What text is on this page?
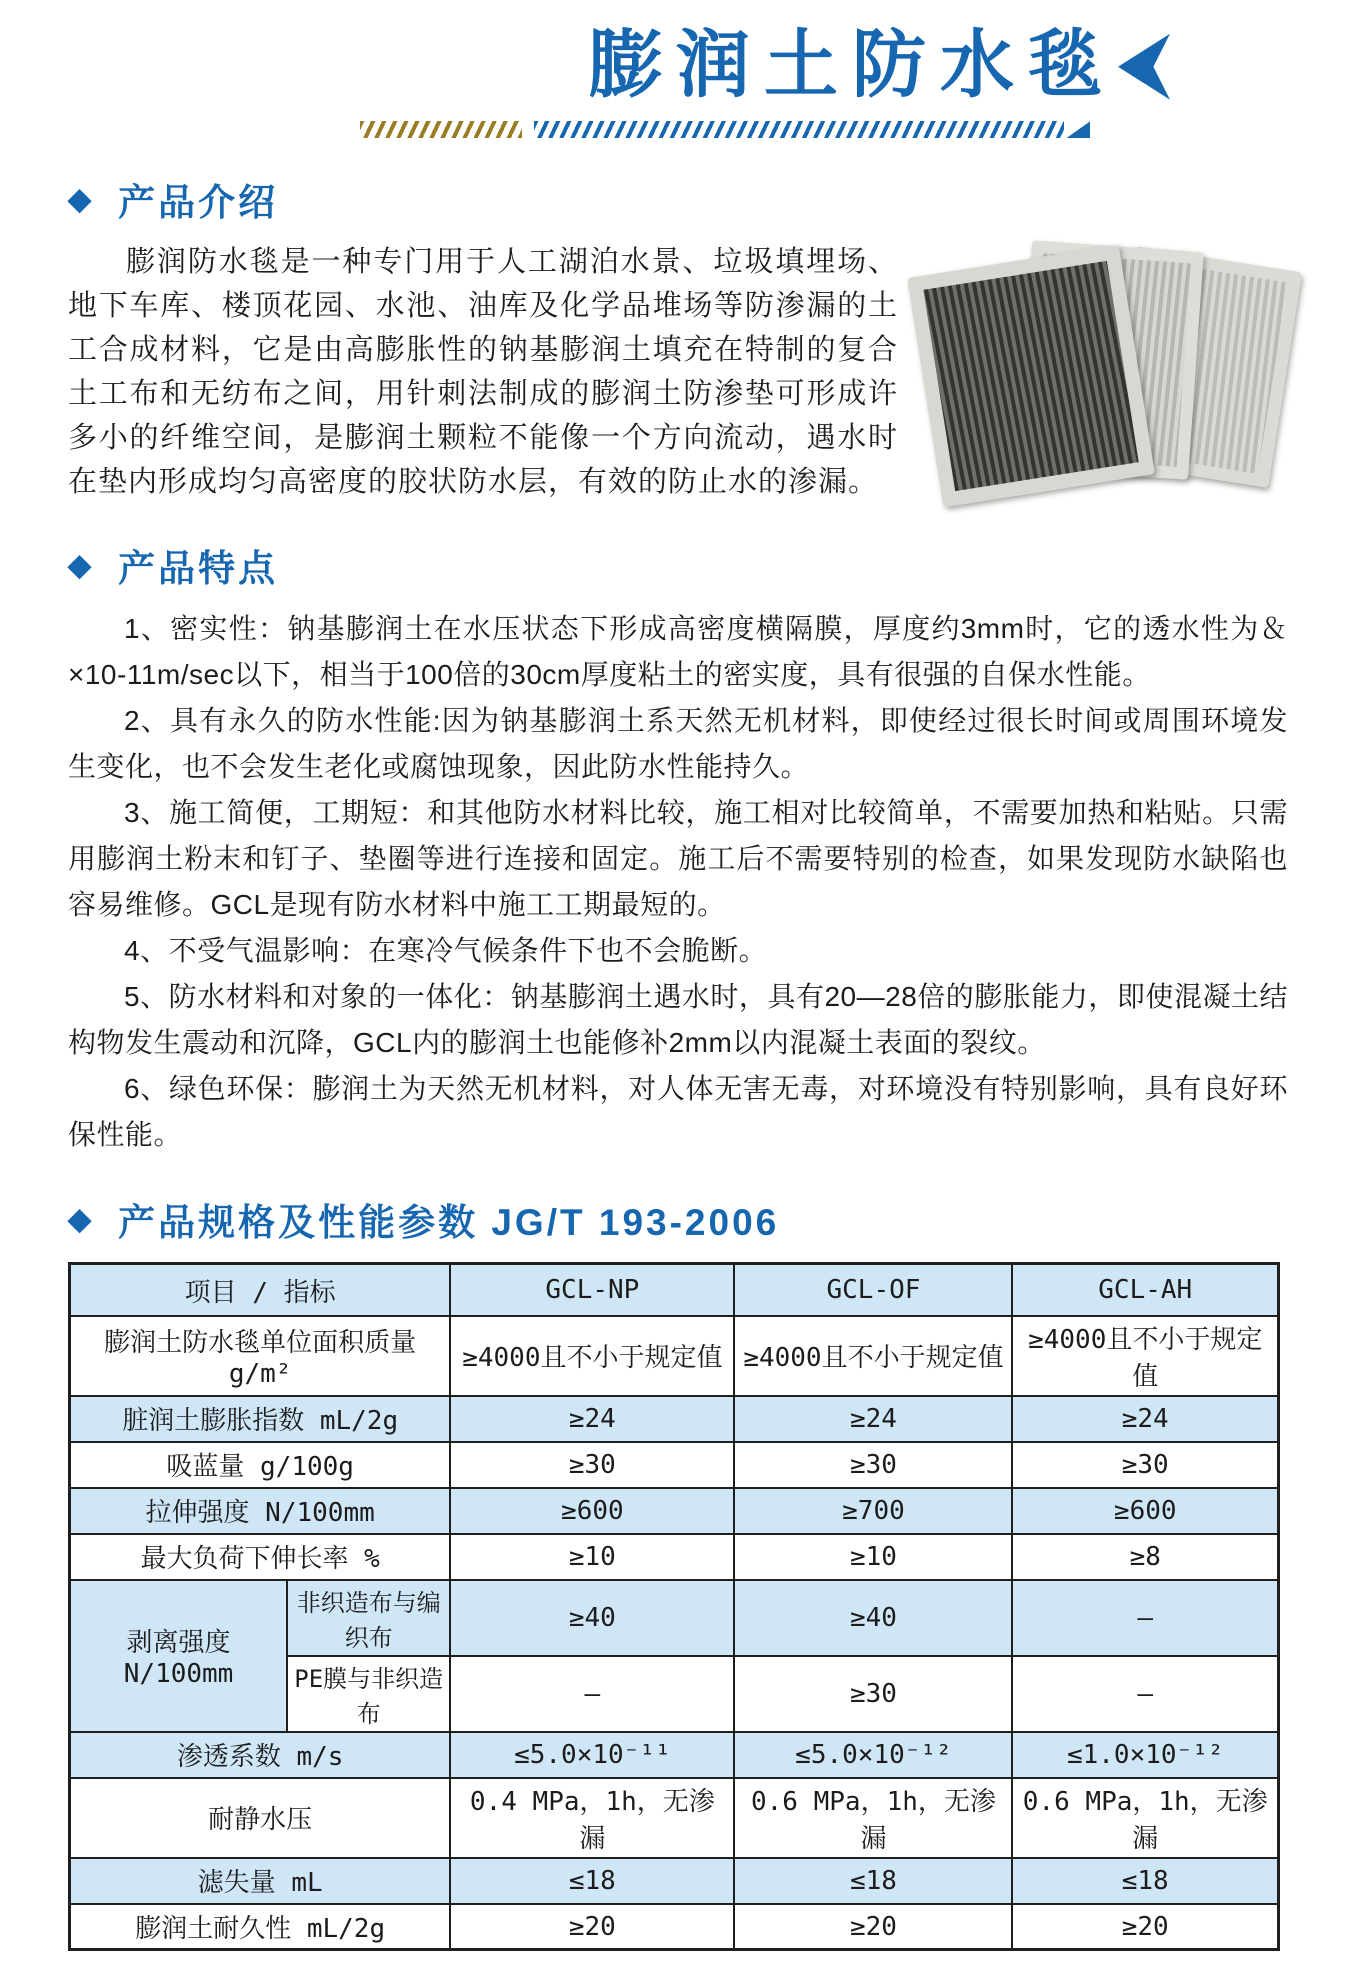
膨润土防水毯
◆ 产品介绍

膨润防水毯是一种专门用于人工湖泊水景、垃圾填埋场、地下车库、楼顶花园、水池、油库及化学品堆场等防渗漏的土工合成材料，它是由高膨胀性的钠基膨润土填充在特制的复合土工布和无纺布之间，用针刺法制成的膨润土防渗垫可形成许多小的纤维空间，是膨润土颗粒不能像一个方向流动，遇水时在垫内形成均匀高密度的胶状防水层，有效的防止水的渗漏。

◆ 产品特点

1、密实性：钠基膨润土在水压状态下形成高密度横隔膜，厚度约3mm时，它的透水性为＆×10-11m/sec以下，相当于100倍的30cm厚度粘土的密实度，具有很强的自保水性能。

2、具有永久的防水性能:因为钠基膨润土系天然无机材料，即使经过很长时间或周围环境发生变化，也不会发生老化或腐蚀现象，因此防水性能持久。

3、施工简便，工期短：和其他防水材料比较，施工相对比较简单，不需要加热和粘贴。只需用膨润土粉末和钉子、垫圈等进行连接和固定。施工后不需要特别的检查，如果发现防水缺陷也容易维修。GCL是现有防水材料中施工工期最短的。

4、不受气温影响：在寒冷气候条件下也不会脆断。

5、防水材料和对象的一体化：钠基膨润土遇水时，具有20—28倍的膨胀能力，即使混凝土结构物发生震动和沉降，GCL内的膨润土也能修补2mm以内混凝土表面的裂纹。

6、绿色环保：膨润土为天然无机材料，对人体无害无毒，对环境没有特别影响，具有良好环保性能。

◆ 产品规格及性能参数 JG/T 193-2006
项目 / 指标		GCL-NP	GCL-OF	GCL-AH
膨润土防水毯单位面积质量 g/m²		≥4000且不小于规定值	≥4000且不小于规定值	≥4000且不小于规定值
脏润土膨胀指数 mL/2g		≥24	≥24	≥24
吸蓝量 g/100g		≥30	≥30	≥30
拉伸强度 N/100mm		≥600	≥700	≥600
最大负荷下伸长率 %		≥10	≥10	≥8
剥离强度 N/100mm	非织造布与编织布	≥40	≥40	–
	PE膜与非织造布	–	≥30	–
渗透系数 m/s		≤5.0×10⁻¹¹	≤5.0×10⁻¹²	≤1.0×10⁻¹²
耐静水压		0.4 MPa，1h，无渗漏	0.6 MPa，1h，无渗漏	0.6 MPa，1h，无渗漏
滤失量 mL		≤18	≤18	≤18
膨润土耐久性 mL/2g		≥20	≥20	≥20
